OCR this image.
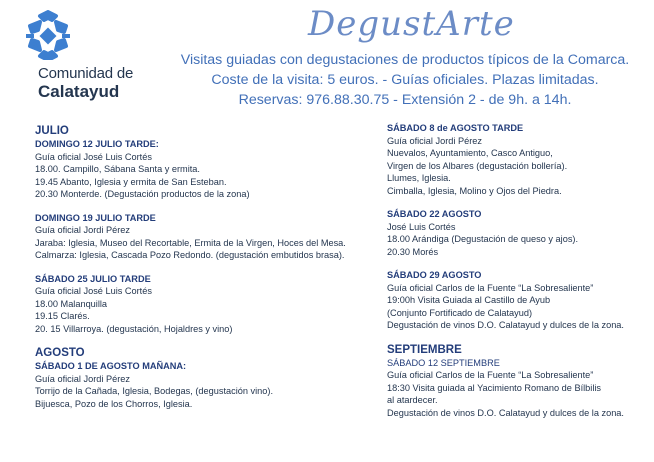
Comunidad de
Calatayud
DegustArte
Visitas guiadas con degustaciones de productos típicos de la Comarca.
Coste de la visita: 5 euros. - Guías oficiales. Plazas limitadas.
Reservas: 976.88.30.75 - Extensión 2 - de 9h. a 14h.
JULIO
DOMINGO 12 JULIO TARDE:
Guía oficial José Luis Cortés
18.00. Campillo, Sábana Santa y ermita.
19.45 Abanto, Iglesia y ermita de San Esteban.
20.30 Monterde. (Degustación productos de la zona)
DOMINGO 19 JULIO TARDE
Guía oficial Jordi Pérez
Jaraba: Iglesia, Museo del Recortable, Ermita de la Virgen, Hoces del Mesa.
Calmarza: Iglesia, Cascada Pozo Redondo. (degustación embutidos brasa).
SÁBADO 25 JULIO TARDE
Guía oficial José Luis Cortés
18.00 Malanquilla
19.15 Clarés.
20. 15 Villarroya. (degustación, Hojaldres y vino)
AGOSTO
SÁBADO 1 DE AGOSTO MAÑANA:
Guía oficial Jordi Pérez
Torrijo de la Cañada, Iglesia, Bodegas, (degustación vino).
Bijuesca, Pozo de los Chorros, Iglesia.
SÁBADO 8 de AGOSTO TARDE
Guía oficial Jordi Pérez
Nuevalos, Ayuntamiento, Casco Antiguo,
Virgen de los Albares (degustación bollería).
Llumes, Iglesia.
Cimballa, Iglesia, Molino y Ojos del Piedra.
SÁBADO 22 AGOSTO
José Luis Cortés
18.00 Arándiga (Degustación de queso y ajos).
20.30 Morés
SÁBADO 29 AGOSTO
Guía oficial Carlos de la Fuente “La Sobresaliente”
19:00h Visita Guiada al Castillo de Ayub
(Conjunto Fortificado de Calatayud)
Degustación de vinos D.O. Calatayud y dulces de la zona.
SEPTIEMBRE
SÁBADO 12 SEPTIEMBRE
Guía oficial Carlos de la Fuente “La Sobresaliente”
18:30 Visita guiada al Yacimiento Romano de Bílbilis
al atardecer.
Degustación de vinos D.O. Calatayud y dulces de la zona.
